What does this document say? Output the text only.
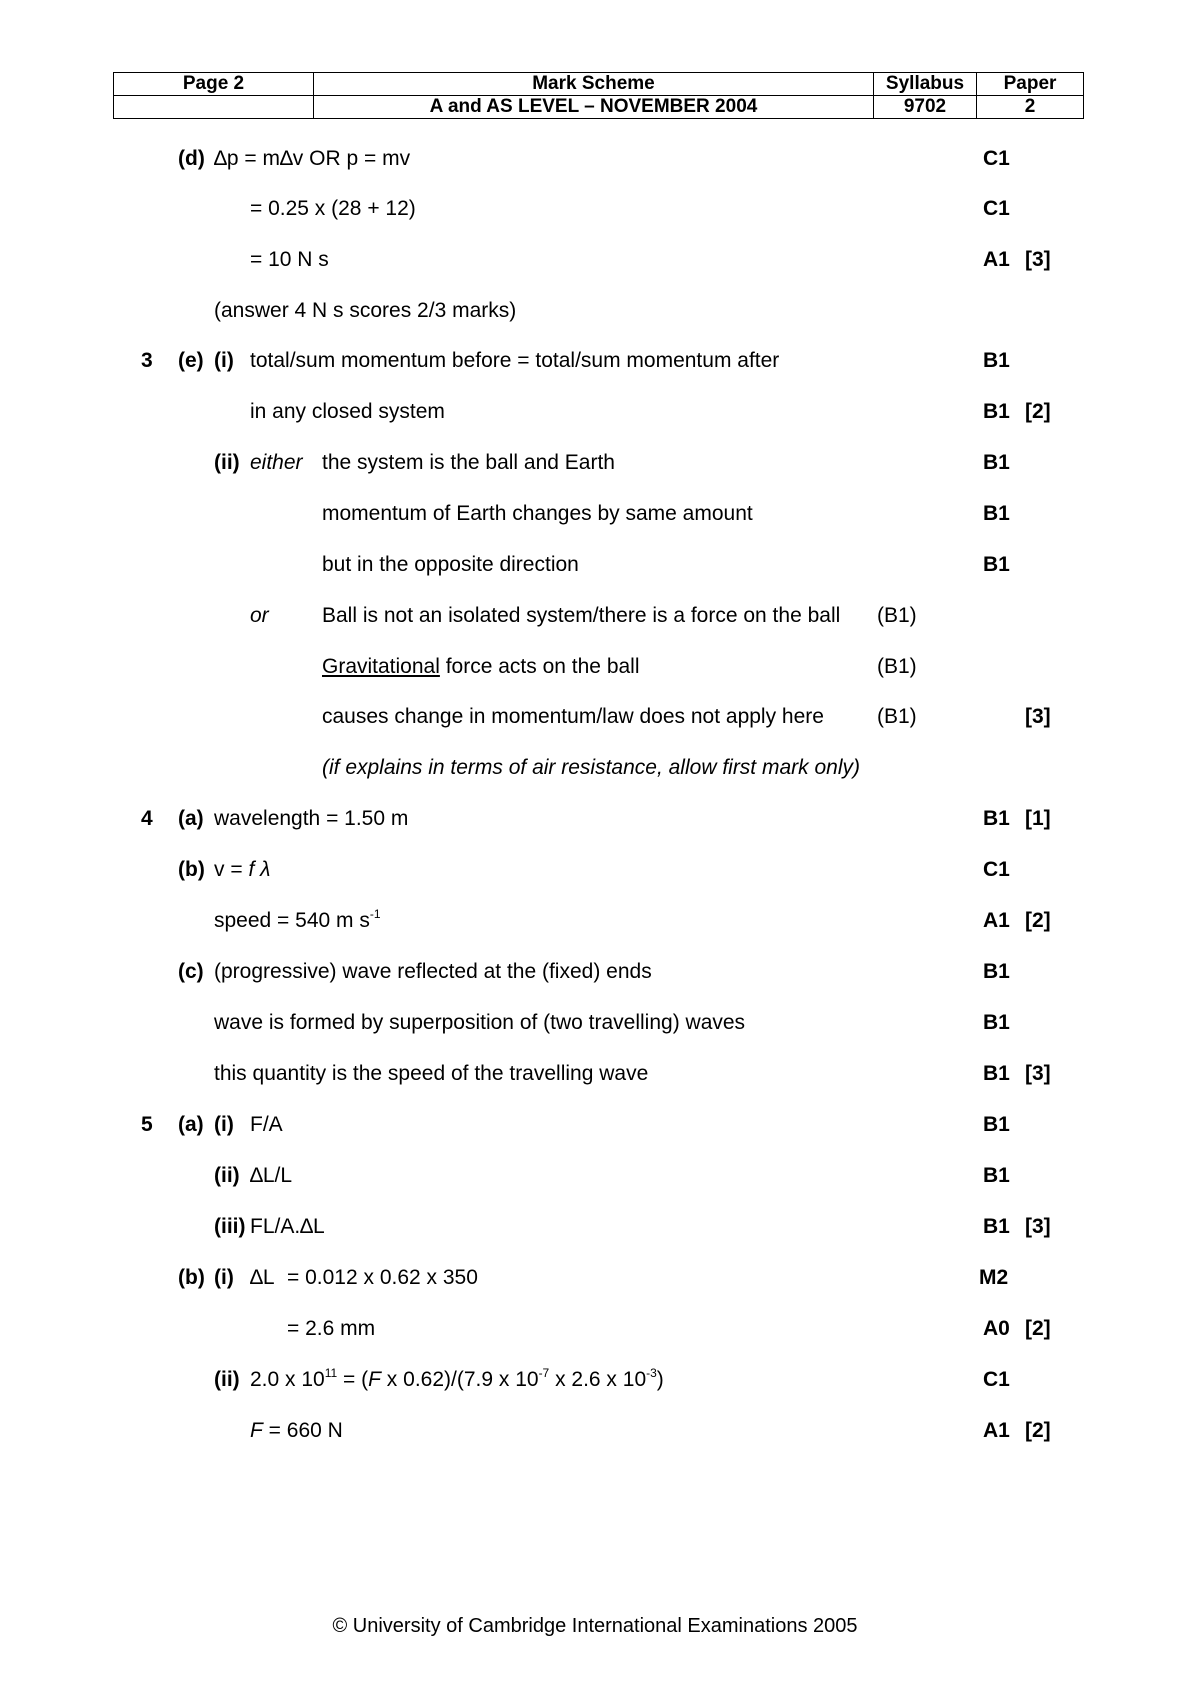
Page 2	Mark Scheme	Syllabus	Paper
	A and AS LEVEL – NOVEMBER 2004	9702	2
(d) ∆p = m∆v OR p = mv	C1
= 0.25 x (28 + 12)	C1
= 10 N s	A1 [3]
(answer 4 N s scores 2/3 marks)
3 (e) (i) total/sum momentum before = total/sum momentum after	B1
in any closed system	B1 [2]
(ii) either the system is the ball and Earth	B1
momentum of Earth changes by same amount	B1
but in the opposite direction	B1
or	Ball is not an isolated system/there is a force on the ball (B1)
Gravitational force acts on the ball	(B1)
causes change in momentum/law does not apply here	(B1)	[3]
(if explains in terms of air resistance, allow first mark only)
4 (a) wavelength = 1.50 m	B1 [1]
(b) v = f λ	C1
speed = 540 m $s^{-1}$	A1 [2]
(c) (progressive) wave reflected at the (fixed) ends	B1
wave is formed by superposition of (two travelling) waves	B1
this quantity is the speed of the travelling wave	B1 [3]
5 (a) (i) F/A	B1
(ii) ∆L/L	B1
(iii) FL/A.∆L	B1 [3]
(b) (i) ∆L = 0.012 x 0.62 x 350	M2
= 2.6 mm	A0 [2]
(ii) 2.0 x $10^{11} = (F$ x 0.62)/(7.9 x $10^{-7}$ x 2.6 x $10^{-3}$)	C1
F = 660 N	A1 [2]
© University of Cambridge International Examinations 2005
